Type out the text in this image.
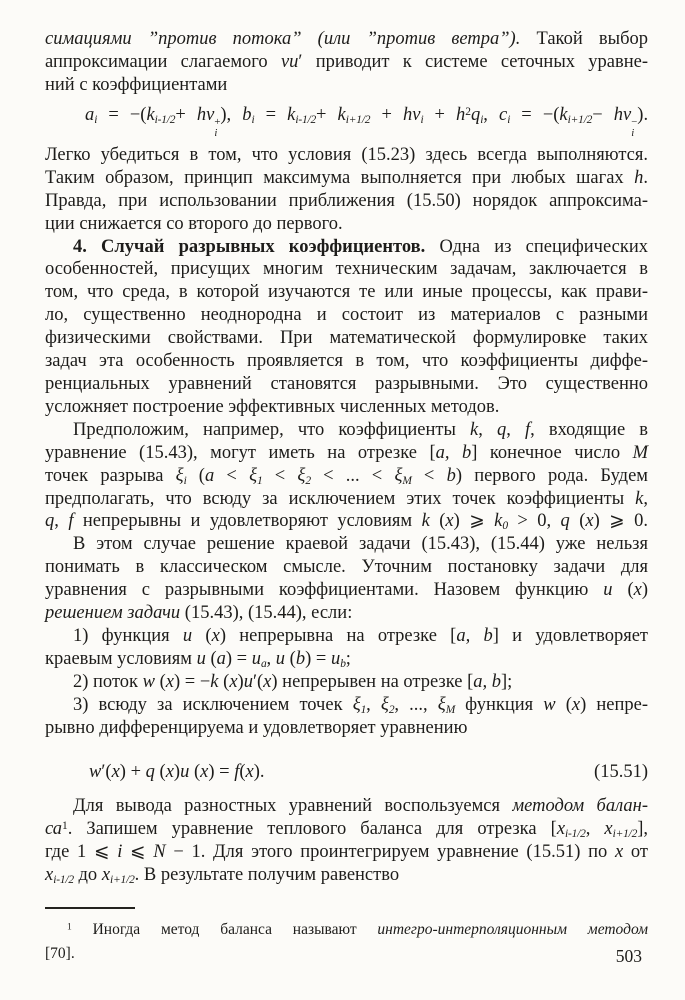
симациями ”против потока” (или ”против ветра”). Такой выбор
аппроксимации слагаемого vu′ приводит к системе сеточных уравне-
ний с коэффициентами
$a_i = -(k_{i-1/2}+$ hv +
i
), $b_i = k_{i-1/2}+ k_{i+1/2} + hv_i + h^2q_i$, $c_i = -(k_{i+1/2}-$ hv −
i
).
Легко убедиться в том, что условия (15.23) здесь всегда выполняются.
Таким образом, принцип максимума выполняется при любых шагах h.
Правда, при использовании приближения (15.50) норядок аппроксима-
ции снижается со второго до первого.
4. Случай разрывных коэффициентов. Одна из специфических
особенностей, присущих многим техническим задачам, заключается в
том, что среда, в которой изучаются те или иные процессы, как прави-
ло, существенно неоднородна и состоит из материалов с разными
физическими свойствами. При математической формулировке таких
задач эта особенность проявляется в том, что коэффициенты диффе-
ренциальных уравнений становятся разрывными. Это существенно
усложняет построение эффективных численных методов.
Предположим, например, что коэффициенты k, q, f, входящие в
уравнение (15.43), могут иметь на отрезке [a, b] конечное число M
точек разрыва $\xi_i$ ($a < \xi_1 < \xi_2$ < ... < $\xi_M < b$) первого рода. Будем
предполагать, что всюду за исключением этих точек коэффициенты k,
q, f непрерывны и удовлетворяют условиям k (x) ⩾ $k_0 > 0$, q (x) ⩾ 0.
В этом случае решение краевой задачи (15.43), (15.44) уже нельзя
понимать в классическом смысле. Уточним постановку задачи для
уравнения с разрывными коэффициентами. Назовем функцию u (x)
решением задачи (15.43), (15.44), если:
1) функция u (x) непрерывна на отрезке [a, b] и удовлетворяет
краевым условиям u $(a) = u_a$, u $(b) = u_b$;
2) поток w (x) = −k (x)u′(x) непрерывен на отрезке [a, b];
3) всюду за исключением точек $\xi_1$, $\xi_2$, ..., $\xi_M$ функция w (x) непре-
рывно дифференцируема и удовлетворяет уравнению
w′(x) + q (x)u (x) = f(x).	(15.51)
Для вывода разностных уравнений воспользуемся методом балан-
$са^1$. Запишем уравнение теплового баланса для отрезка [$x_{i-1/2}$, $x_{i+1/2}$],
где 1 ⩽ i ⩽ N − 1. Для этого проинтегрируем уравнение (15.51) по x от
$x_{i-1/2}$ до $x_{i+1/2}$. В результате получим равенство
$^1$ Иногда метод баланса называют интегро-интерполяционным методом
[70].	503
